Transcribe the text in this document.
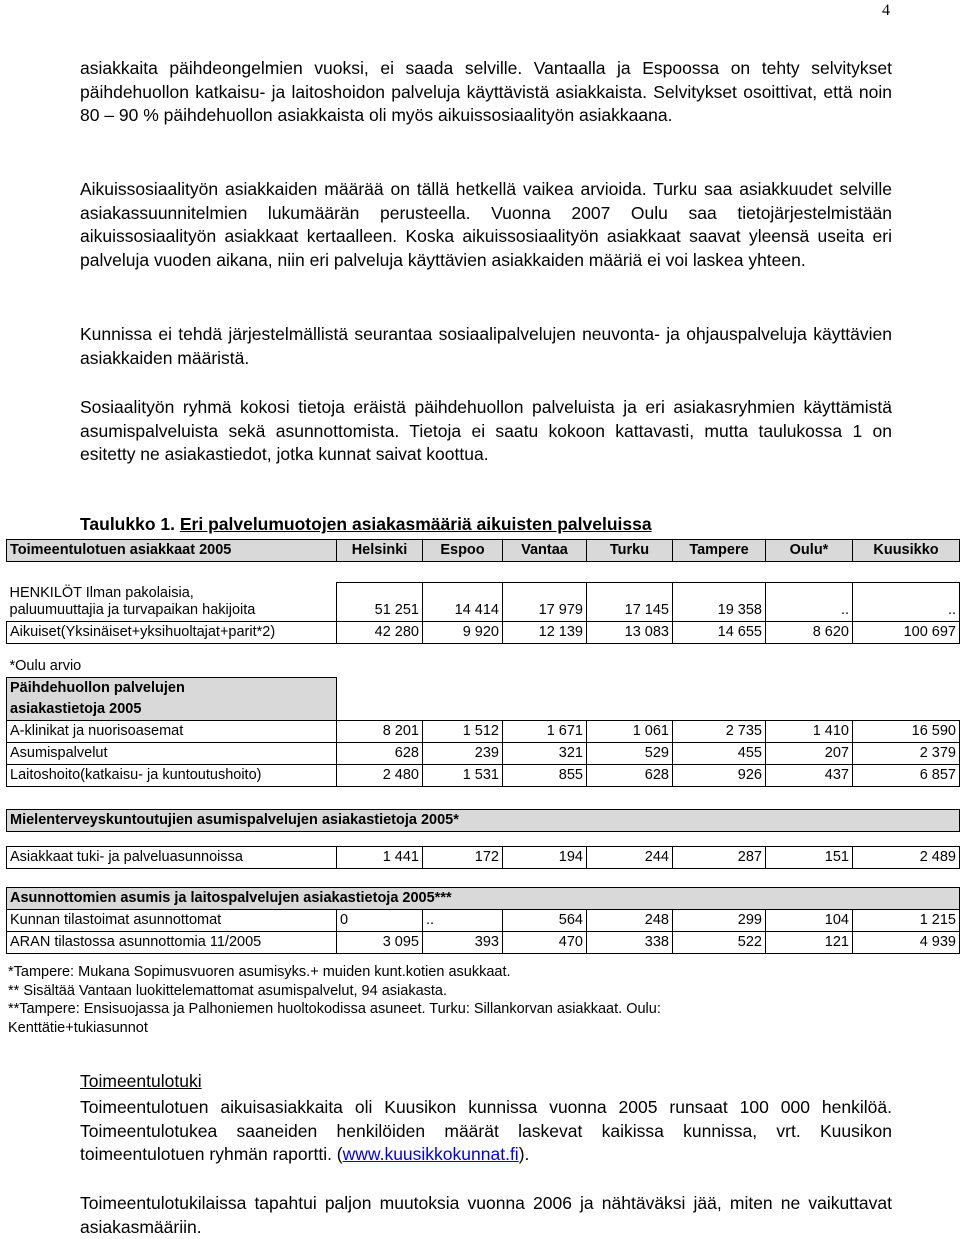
4
asiakkaita päihdeongelmien vuoksi, ei saada selville. Vantaalla ja Espoossa on tehty selvitykset päihdehuollon katkaisu- ja laitoshoidon palveluja käyttävistä asiakkaista. Selvitykset osoittivat, että noin 80 – 90 % päihdehuollon asiakkaista oli myös aikuissosiaalityön asiakkaana.
Aikuissosiaalityön asiakkaiden määrää on tällä hetkellä vaikea arvioida. Turku saa asiakkuudet selville asiakassuunnitelmien lukumäärän perusteella. Vuonna 2007 Oulu saa tietojärjestelmistään aikuissosiaalityön asiakkaat kertaalleen. Koska aikuissosiaalityön asiakkaat saavat yleensä useita eri palveluja vuoden aikana, niin eri palveluja käyttävien asiakkaiden määriä ei voi laskea yhteen.
Kunnissa ei tehdä järjestelmällistä seurantaa sosiaalipalvelujen neuvonta- ja ohjauspalveluja käyttävien asiakkaiden määristä.
Sosiaalityön ryhmä kokosi tietoja eräistä päihdehuollon palveluista ja eri asiakasryhmien käyttämistä asumispalveluista sekä asunnottomista. Tietoja ei saatu kokoon kattavasti, mutta taulukossa 1 on esitetty ne asiakastiedot, jotka kunnat saivat koottua.
Taulukko 1. Eri palvelumuotojen asiakasmääriä aikuisten palveluissa
Toimeentulotuen asiakkaat 2005	Helsinki	Espoo	Vantaa	Turku	Tampere	Oulu*	Kuusikko

HENKILÖT Ilman pakolaisia,
paluumuuttajia ja turvapaikan hakijoita	51 251	14 414	17 979	17 145	19 358	..	..
Aikuiset(Yksinäiset+yksihuoltajat+parit*2)	42 280	9 920	12 139	13 083	14 655	8 620	100 697

*Oulu arvio							
Päihdehuollon palvelujen							
asiakastietoja 2005							
A-klinikat ja nuorisoasemat	8 201	1 512	1 671	1 061	2 735	1 410	16 590
Asumispalvelut	628	239	321	529	455	207	2 379
Laitoshoito(katkaisu- ja kuntoutushoito)	2 480	1 531	855	628	926	437	6 857

Mielenterveyskuntoutujien asumispalvelujen asiakastietoja 2005*							

Asiakkaat tuki- ja palveluasunnoissa	1 441	172	194	244	287	151	2 489

Asunnottomien asumis ja laitospalvelujen asiakastietoja 2005***							
Kunnan tilastoimat asunnottomat	0	..	564	248	299	104	1 215
ARAN tilastossa asunnottomia 11/2005	3 095	393	470	338	522	121	4 939
*Tampere: Mukana Sopimusvuoren asumisyks.+ muiden kunt.kotien asukkaat.
** Sisältää Vantaan luokittelemattomat asumispalvelut, 94 asiakasta.
**Tampere: Ensisuojassa ja Palhoniemen huoltokodissa asuneet. Turku: Sillankorvan asiakkaat. Oulu:
Kenttätie+tukiasunnot
Toimeentulotuki
Toimeentulotuen aikuisasiakkaita oli Kuusikon kunnissa vuonna 2005 runsaat 100 000 henkilöä. Toimeentulotukea saaneiden henkilöiden määrät laskevat kaikissa kunnissa, vrt. Kuusikon toimeentulotuen ryhmän raportti. (www.kuusikkokunnat.fi).
Toimeentulotukilaissa tapahtui paljon muutoksia vuonna 2006 ja nähtäväksi jää, miten ne vaikuttavat asiakasmääriin.
